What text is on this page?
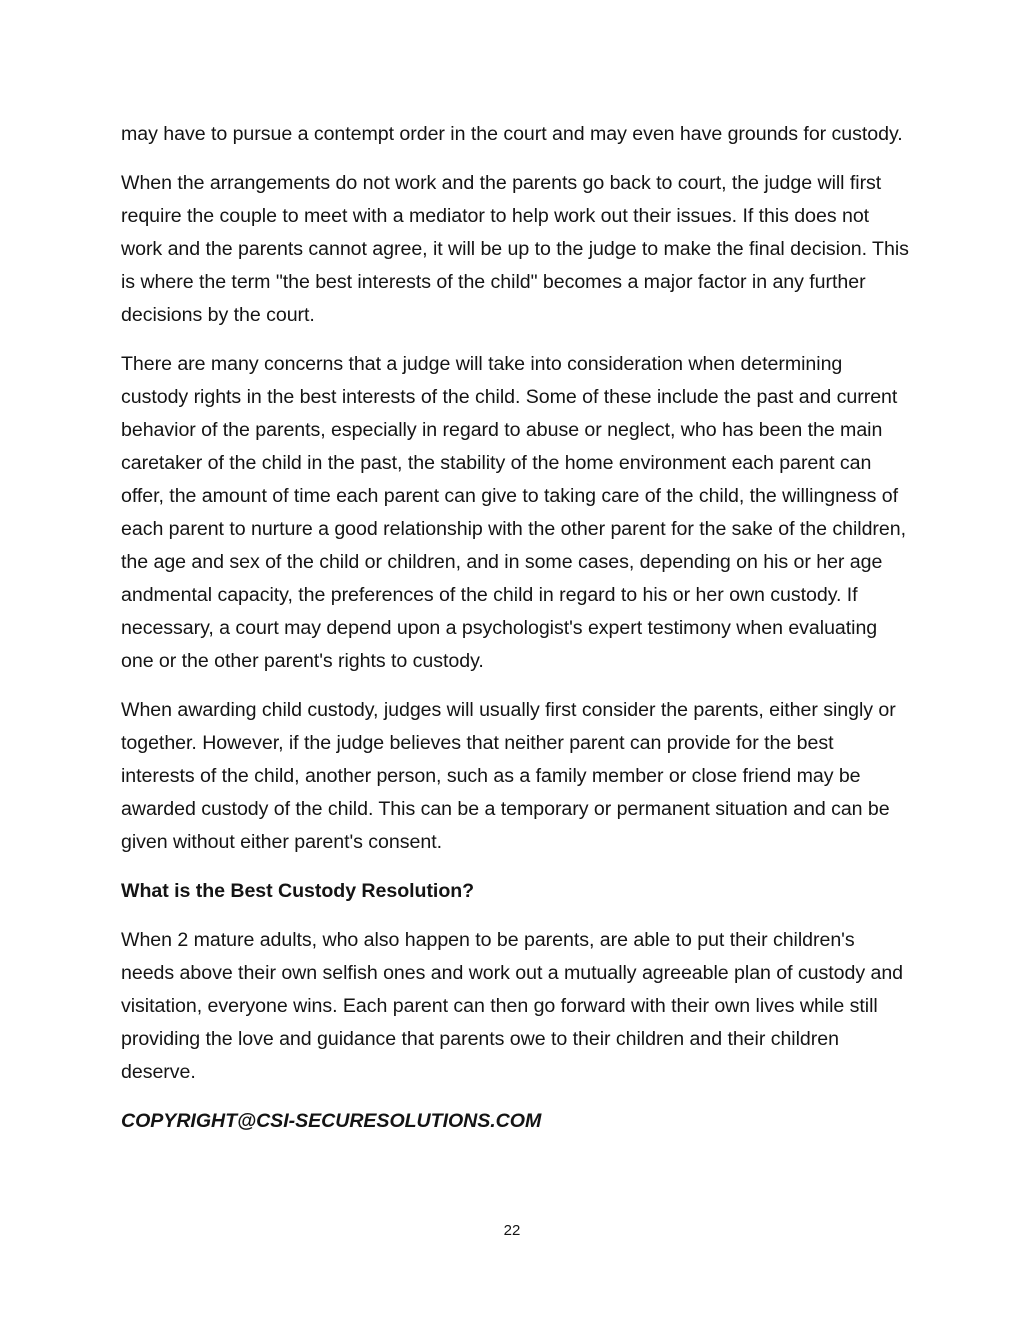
may have to pursue a contempt order in the court and may even have grounds for custody.

When the arrangements do not work and the parents go back to court, the judge will first require the couple to meet with a mediator to help work out their issues. If this does not work and the parents cannot agree, it will be up to the judge to make the final decision. This is where the term "the best interests of the child" becomes a major factor in any further decisions by the court.

There are many concerns that a judge will take into consideration when determining custody rights in the best interests of the child. Some of these include the past and current behavior of the parents, especially in regard to abuse or neglect, who has been the main caretaker of the child in the past, the stability of the home environment each parent can offer, the amount of time each parent can give to taking care of the child, the willingness of each parent to nurture a good relationship with the other parent for the sake of the children, the age and sex of the child or children, and in some cases, depending on his or her age andmental capacity, the preferences of the child in regard to his or her own custody. If necessary, a court may depend upon a psychologist's expert testimony when evaluating one or the other parent's rights to custody.

When awarding child custody, judges will usually first consider the parents, either singly or together. However, if the judge believes that neither parent can provide for the best interests of the child, another person, such as a family member or close friend may be awarded custody of the child. This can be a temporary or permanent situation and can be given without either parent's consent.

What is the Best Custody Resolution?

When 2 mature adults, who also happen to be parents, are able to put their children's needs above their own selfish ones and work out a mutually agreeable plan of custody and visitation, everyone wins. Each parent can then go forward with their own lives while still providing the love and guidance that parents owe to their children and their children deserve.

COPYRIGHT@CSI-SECURESOLUTIONS.COM

22
